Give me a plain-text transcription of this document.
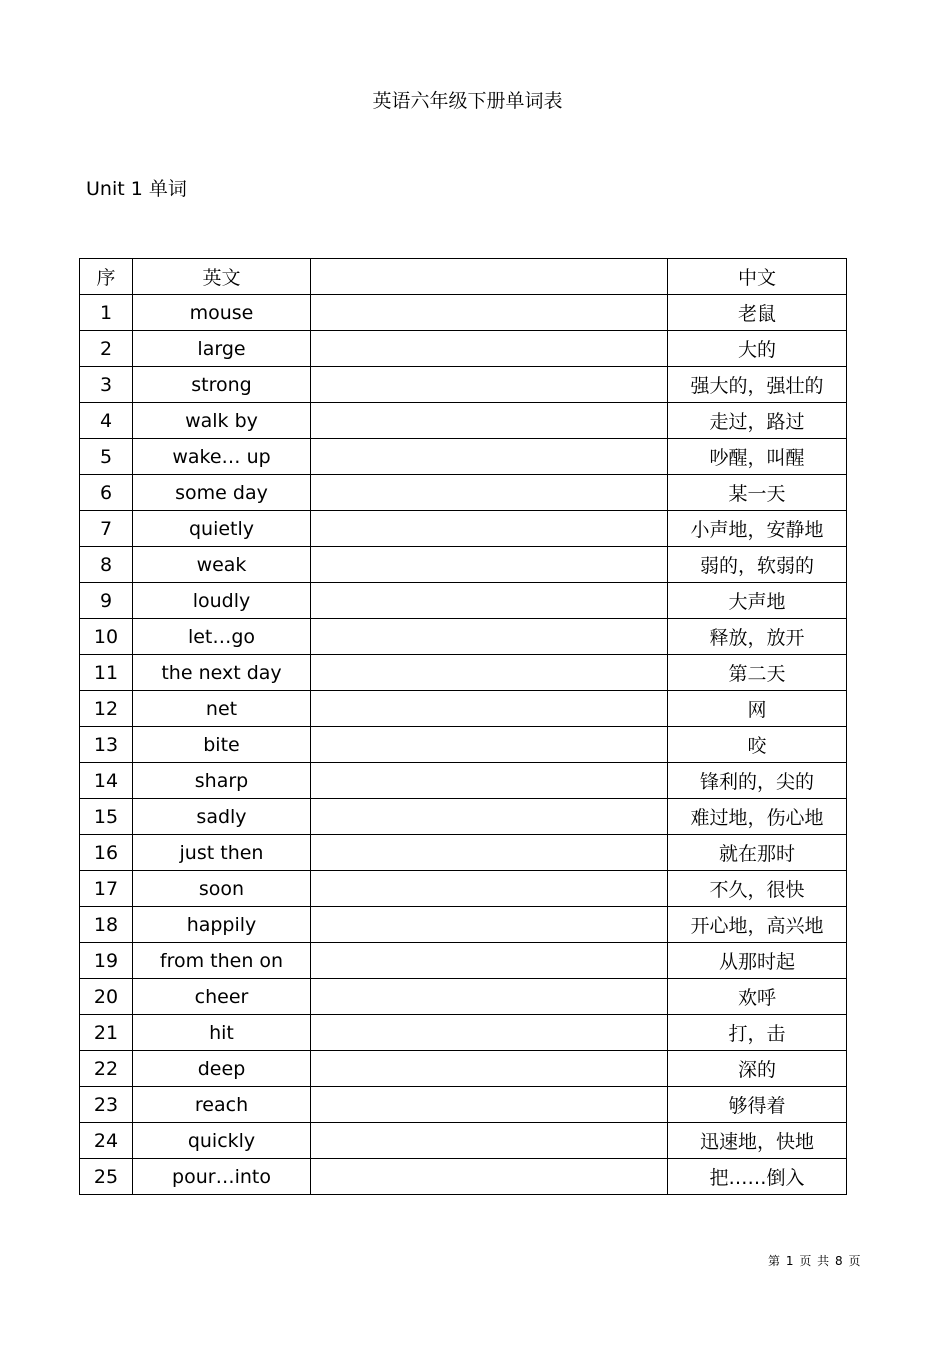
英语六年级下册单词表
Unit 1 单词
序	英文		中文
1	mouse		老鼠
2	large		大的
3	strong		强大的，强壮的
4	walk by		走过，路过
5	wake… up		吵醒，叫醒
6	some day		某一天
7	quietly		小声地，安静地
8	weak		弱的，软弱的
9	loudly		大声地
10	let…go		释放，放开
11	the next day		第二天
12	net		网
13	bite		咬
14	sharp		锋利的，尖的
15	sadly		难过地，伤心地
16	just then		就在那时
17	soon		不久，很快
18	happily		开心地，高兴地
19	from then on		从那时起
20	cheer		欢呼
21	hit		打，击
22	deep		深的
23	reach		够得着
24	quickly		迅速地，快地
25	pour…into		把……倒入
第 1 页 共 8 页
